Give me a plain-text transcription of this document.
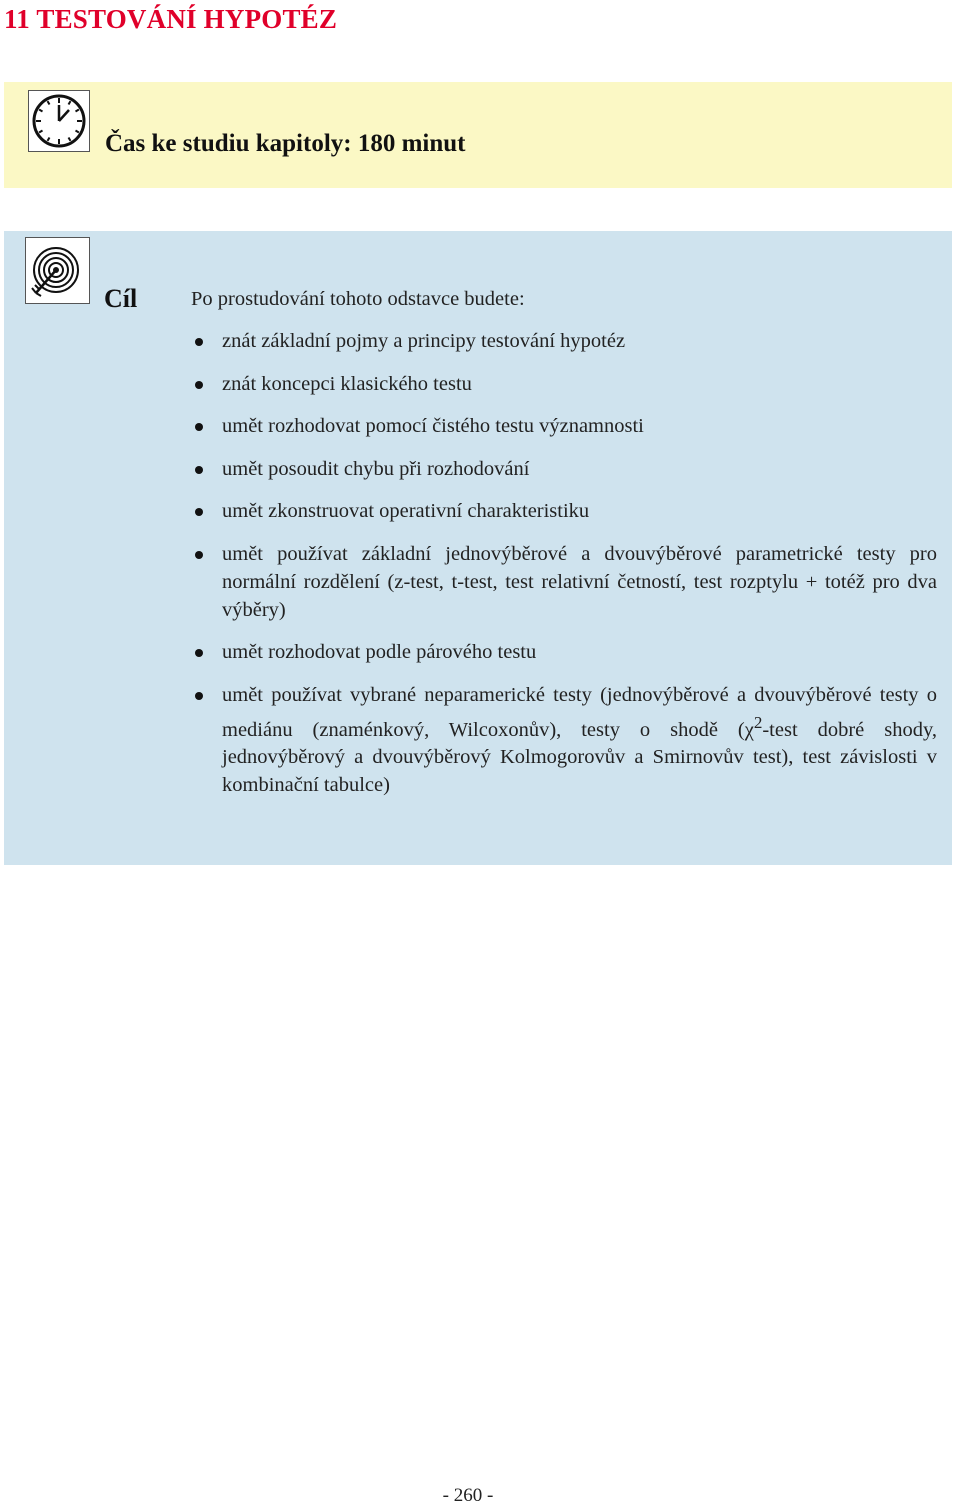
11 TESTOVÁNÍ HYPOTÉZ
Čas ke studiu kapitoly: 180 minut
Cíl	Po prostudování tohoto odstavce budete:
znát základní pojmy a principy testování hypotéz
znát koncepci klasického testu
umět rozhodovat pomocí čistého testu významnosti
umět posoudit chybu při rozhodování
umět zkonstruovat operativní charakteristiku
umět používat základní jednovýběrové a dvouvýběrové parametrické testy pro normální rozdělení (z-test, t-test, test relativní četností, test rozptylu + totéž pro dva výběry)
umět rozhodovat podle párového testu
umět používat vybrané neparamerické testy (jednovýběrové a dvouvýběrové testy o mediánu (znaménkový, Wilcoxonův), testy o shodě ($\chi^2$-test dobré shody, jednovýběrový a dvouvýběrový Kolmogorovův a Smirnovův test), test závislosti v kombinační tabulce)
- 260 -
